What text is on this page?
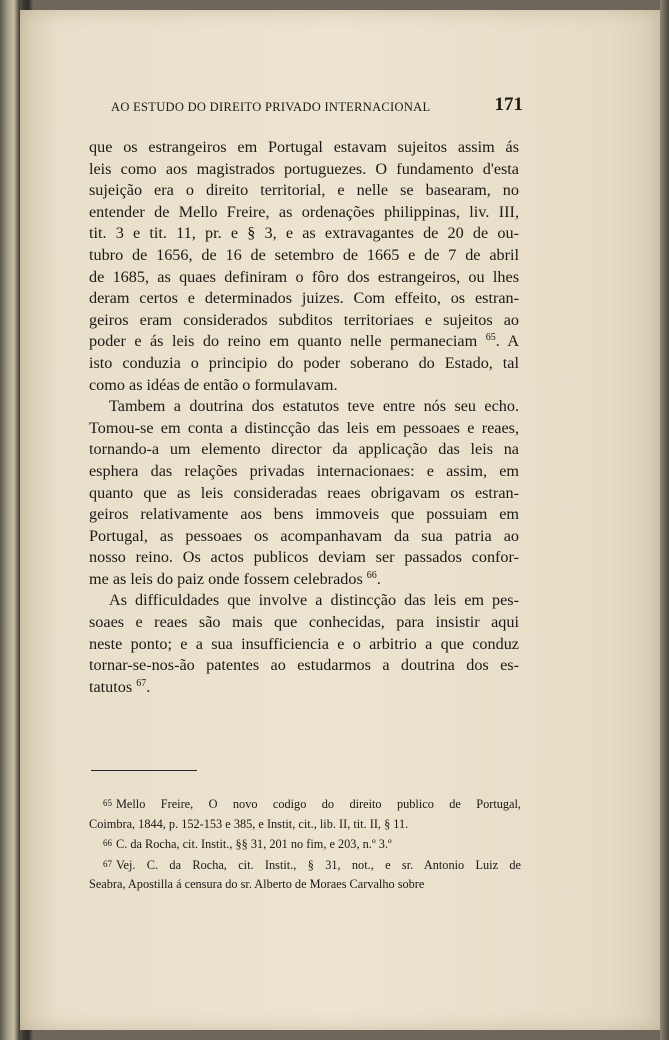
AO ESTUDO DO DIREITO PRIVADO INTERNACIONAL	171
que os estrangeiros em Portugal estavam sujeitos assim ás
leis como aos magistrados portuguezes. O fundamento d'esta
sujeição era o direito territorial, e nelle se basearam, no
entender de Mello Freire, as ordenações philippinas, liv. III,
tit. 3 e tit. 11, pr. e § 3, e as extravagantes de 20 de ou-
tubro de 1656, de 16 de setembro de 1665 e de 7 de abril
de 1685, as quaes definiram o fôro dos estrangeiros, ou lhes
deram certos e determinados juizes. Com effeito, os estran-
geiros eram considerados subditos territoriaes e sujeitos ao
poder e ás leis do reino em quanto nelle permaneciam $^{65}$. A
isto conduzia o principio do poder soberano do Estado, tal
como as idéas de então o formulavam.
Tambem a doutrina dos estatutos teve entre nós seu echo.
Tomou-se em conta a distincção das leis em pessoaes e reaes,
tornando-a um elemento director da applicação das leis na
esphera das relações privadas internacionaes: e assim, em
quanto que as leis consideradas reaes obrigavam os estran-
geiros relativamente aos bens immoveis que possuiam em
Portugal, as pessoaes os acompanhavam da sua patria ao
nosso reino. Os actos publicos deviam ser passados confor-
me as leis do paiz onde fossem celebrados $^{66}$.
As difficuldades que involve a distincção das leis em pes-
soaes e reaes são mais que conhecidas, para insistir aqui
neste ponto; e a sua insufficiencia e o arbitrio a que conduz
tornar-se-nos-ão patentes ao estudarmos a doutrina dos es-
tatutos $^{67}$.
65 Mello Freire, O novo codigo do direito publico de Portugal,
Coimbra, 1844, p. 152-153 e 385, e Instit, cit., lib. II, tit. II, § 11.
66 C. da Rocha, cit. Instit., §§ 31, 201 no fim, e 203, n.º 3.º
67 Vej. C. da Rocha, cit. Instit., § 31, not., e sr. Antonio Luiz de
Seabra, Apostilla á censura do sr. Alberto de Moraes Carvalho sobre
